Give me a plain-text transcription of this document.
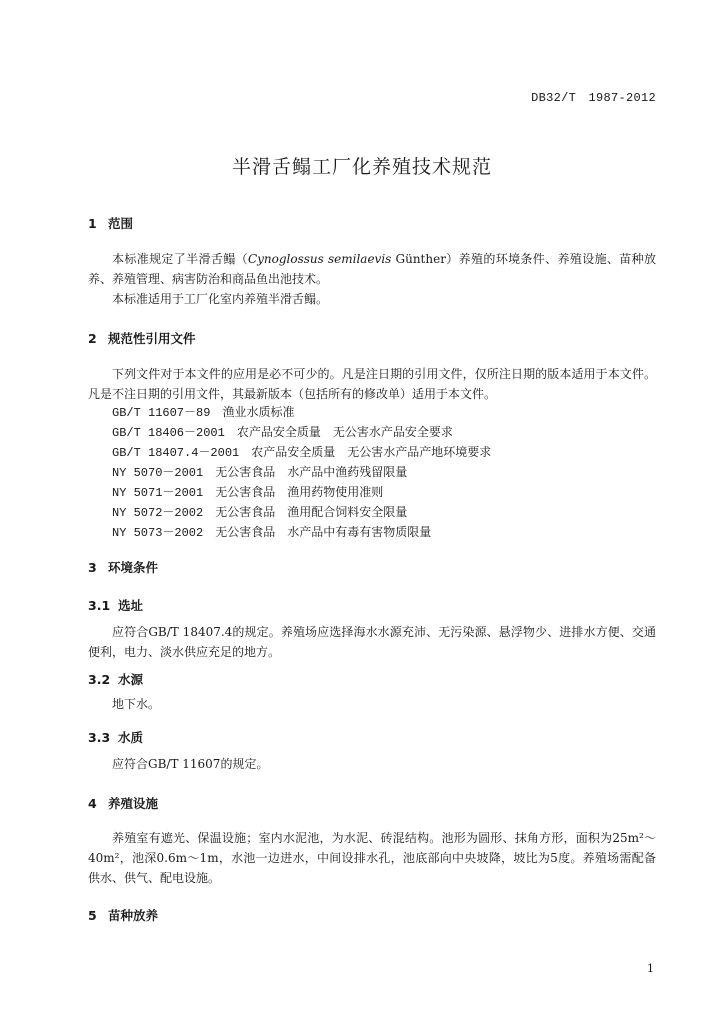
DB32/T　1987-2012
半滑舌鳎工厂化养殖技术规范
1 范围

本标准规定了半滑舌鳎（Cynoglossus semilaevis Günther）养殖的环境条件、养殖设施、苗种放养、养殖管理、病害防治和商品鱼出池技术。

本标准适用于工厂化室内养殖半滑舌鳎。

2 规范性引用文件

下列文件对于本文件的应用是必不可少的。凡是注日期的引用文件，仅所注日期的版本适用于本文件。凡是不注日期的引用文件，其最新版本（包括所有的修改单）适用于本文件。

GB/T 11607－89　 渔业水质标准
GB/T 18406－2001　 农产品安全质量　无公害水产品安全要求
GB/T 18407.4－2001　 农产品安全质量　无公害水产品产地环境要求
NY 5070－2001　 无公害食品　水产品中渔药残留限量
NY 5071－2001　 无公害食品　渔用药物使用准则
NY 5072－2002　 无公害食品　渔用配合饲料安全限量
NY 5073－2002　 无公害食品　水产品中有毒有害物质限量
3 环境条件
3.1 选址

应符合GB/T 18407.4的规定。养殖场应选择海水水源充沛、无污染源、悬浮物少、进排水方便、交通便利，电力、淡水供应充足的地方。

3.2 水源

地下水。

3.3 水质

应符合GB/T 11607的规定。

4 养殖设施

养殖室有遮光、保温设施；室内水泥池，为水泥、砖混结构。池形为圆形、抹角方形，面积为25m²～40m²，池深0.6m～1m，水池一边进水，中间设排水孔，池底部向中央坡降，坡比为5度。养殖场需配备供水、供气、配电设施。

5 苗种放养
1
